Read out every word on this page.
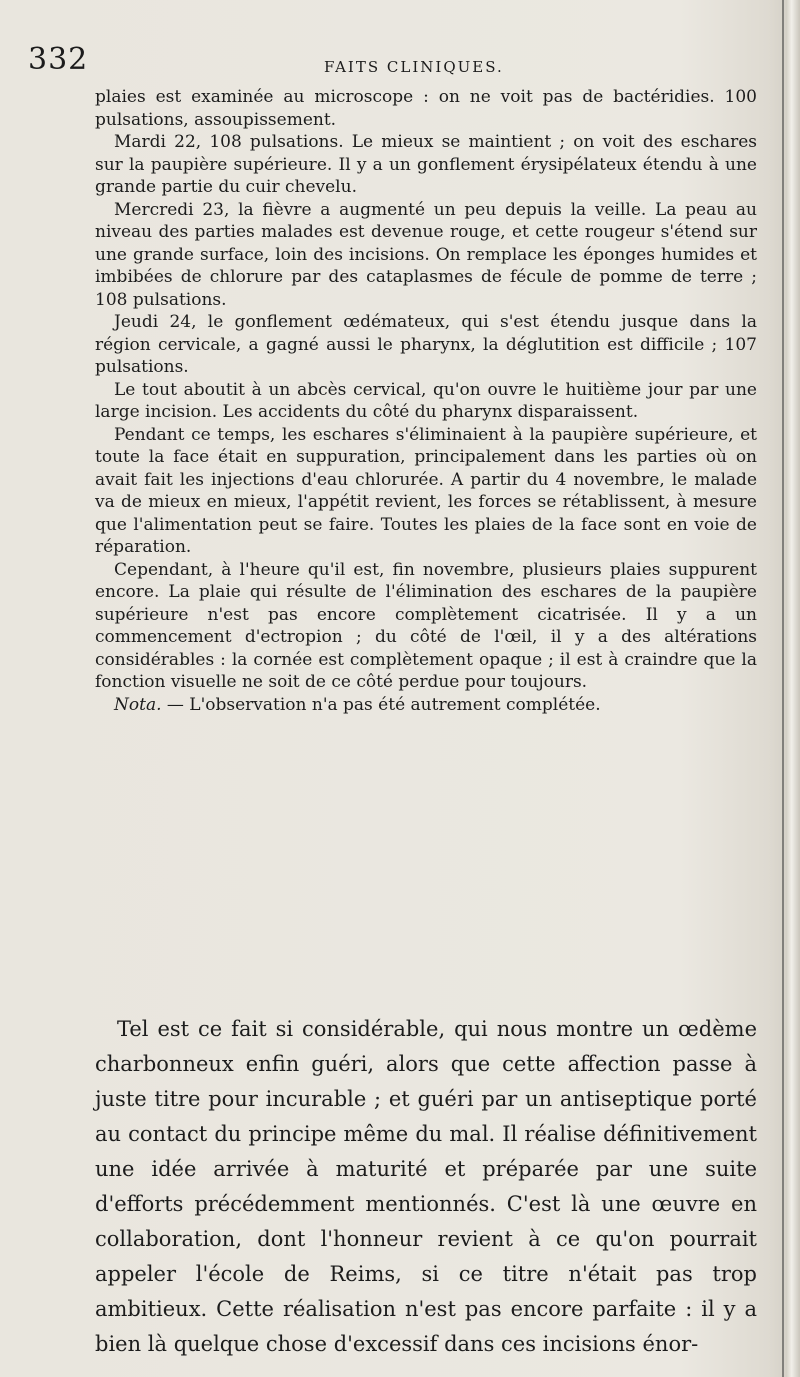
332	FAITS CLINIQUES.

plaies est examinée au microscope : on ne voit pas de bactéridies. 100 pulsations, assoupissement.

Mardi 22, 108 pulsations. Le mieux se maintient ; on voit des eschares sur la paupière supérieure. Il y a un gonflement érysipélateux étendu à une grande partie du cuir chevelu.

Mercredi 23, la fièvre a augmenté un peu depuis la veille. La peau au niveau des parties malades est devenue rouge, et cette rougeur s'étend sur une grande surface, loin des incisions. On remplace les éponges humides et imbibées de chlorure par des cataplasmes de fécule de pomme de terre ; 108 pulsations.

Jeudi 24, le gonflement œdémateux, qui s'est étendu jusque dans la région cervicale, a gagné aussi le pharynx, la déglutition est difficile ; 107 pulsations.

Le tout aboutit à un abcès cervical, qu'on ouvre le huitième jour par une large incision. Les accidents du côté du pharynx disparaissent.

Pendant ce temps, les eschares s'éliminaient à la paupière supérieure, et toute la face était en suppuration, principalement dans les parties où on avait fait les injections d'eau chlorurée. A partir du 4 novembre, le malade va de mieux en mieux, l'appétit revient, les forces se rétablissent, à mesure que l'alimentation peut se faire. Toutes les plaies de la face sont en voie de réparation.

Cependant, à l'heure qu'il est, fin novembre, plusieurs plaies suppurent encore. La plaie qui résulte de l'élimination des eschares de la paupière supérieure n'est pas encore complètement cicatrisée. Il y a un commencement d'ectropion ; du côté de l'œil, il y a des altérations considérables : la cornée est complètement opaque ; il est à craindre que la fonction visuelle ne soit de ce côté perdue pour toujours.

Nota. — L'observation n'a pas été autrement complétée.

Tel est ce fait si considérable, qui nous montre un œdème charbonneux enfin guéri, alors que cette affection passe à juste titre pour incurable ; et guéri par un antiseptique porté au contact du principe même du mal. Il réalise définitivement une idée arrivée à maturité et préparée par une suite d'efforts précédemment mentionnés. C'est là une œuvre en collaboration, dont l'honneur revient à ce qu'on pourrait appeler l'école de Reims, si ce titre n'était pas trop ambitieux. Cette réalisation n'est pas encore parfaite : il y a bien là quelque chose d'excessif dans ces incisions énor-
